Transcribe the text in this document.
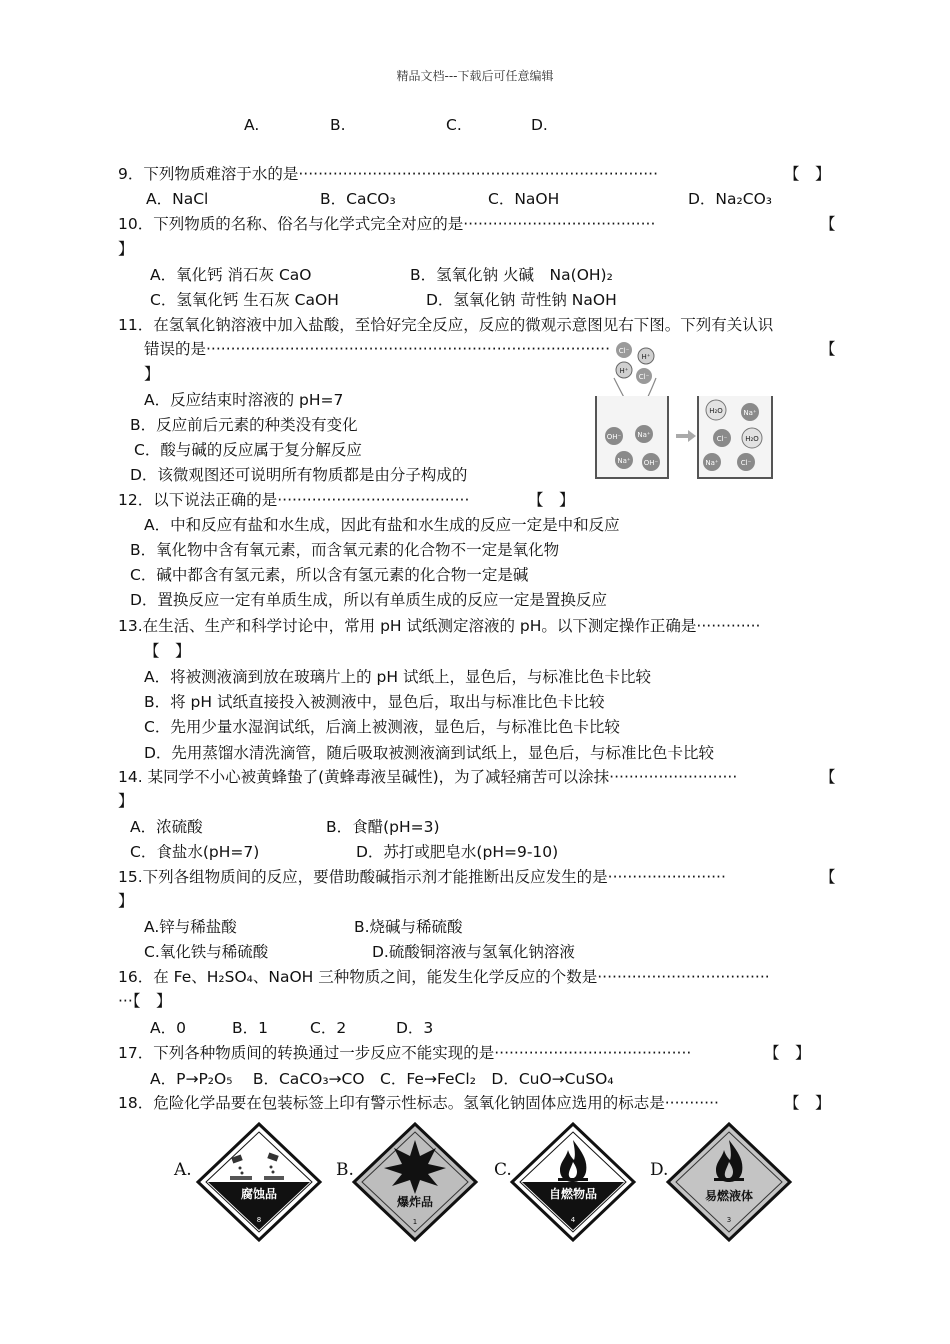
精品文档---下载后可任意编辑
A.	B.	C.	D.
9．下列物质难溶于水的是·········································································	【　】
A．NaCl	B．CaCO₃	C．NaOH	D．Na₂CO₃
10．下列物质的名称、俗名与化学式完全对应的是·······································	【
】
A．氧化钙 消石灰 CaO	B．氢氧化钠 火碱　Na(OH)₂
C．氢氧化钙 生石灰 CaOH	D．氢氧化钠 苛性钠 NaOH
11．在氢氧化钠溶液中加入盐酸，至恰好完全反应，反应的微观示意图见右下图。下列有关认识
错误的是··················································································	【
】
A．反应结束时溶液的 pH=7
B．反应前后元素的种类没有变化
C．酸与碱的反应属于复分解反应
D．该微观图还可说明所有物质都是由分子构成的
Cl⁻
H⁺
H⁺
Cl⁻
OH⁻ Na⁺
Na⁺ OH⁻
H₂O	Na⁺
Cl⁻	H₂O
Na⁺	Cl⁻
12．以下说法正确的是·······································	【　】
A．中和反应有盐和水生成，因此有盐和水生成的反应一定是中和反应
B．氧化物中含有氧元素，而含氧元素的化合物不一定是氧化物
C．碱中都含有氢元素，所以含有氢元素的化合物一定是碱
D．置换反应一定有单质生成，所以有单质生成的反应一定是置换反应
13.在生活、生产和科学讨论中，常用 pH 试纸测定溶液的 pH。以下测定操作正确是·············
【　】
A．将被测液滴到放在玻璃片上的 pH 试纸上，显色后，与标准比色卡比较
B．将 pH 试纸直接投入被测液中，显色后，取出与标准比色卡比较
C．先用少量水湿润试纸，后滴上被测液，显色后，与标准比色卡比较
D．先用蒸馏水清洗滴管，随后吸取被测液滴到试纸上，显色后，与标准比色卡比较
14. 某同学不小心被黄蜂蛰了(黄蜂毒液呈碱性)，为了减轻痛苦可以涂抹··························	【
】
A．浓硫酸	B．食醋(pH=3)
C．食盐水(pH=7)	D．苏打或肥皂水(pH=9-10)
15.下列各组物质间的反应，要借助酸碱指示剂才能推断出反应发生的是························	【
】
A.锌与稀盐酸	B.烧碱与稀硫酸
C.氧化铁与稀硫酸	D.硫酸铜溶液与氢氧化钠溶液
16．在 Fe、H₂SO₄、NaOH 三种物质之间，能发生化学反应的个数是···································
···【　】
A．0	B．1	C．2	D．3
17．下列各种物质间的转换通过一步反应不能实现的是········································	【　】
A．P→P₂O₅　 B．CaCO₃→CO　C．Fe→FeCl₂　D．CuO→CuSO₄
18．危险化学品要在包装标签上印有警示性标志。氢氧化钠固体应选用的标志是···········	【　】
A.
腐蚀品
8
B.
爆炸品
1
C.
自燃物品
4
D.
易燃液体
3
